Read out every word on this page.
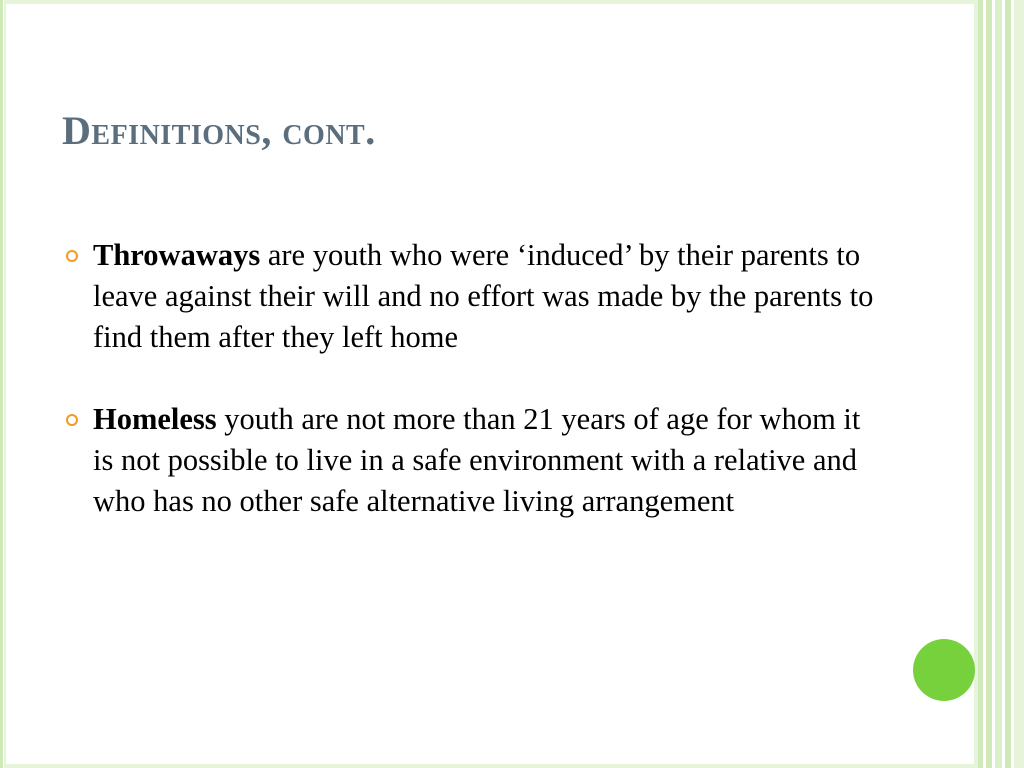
Definitions, cont.
Throwaways are youth who were ‘induced’ by their parents to leave against their will and no effort was made by the parents to find them after they left home
Homeless youth are not more than 21 years of age for whom it is not possible to live in a safe environment with a relative and who has no other safe alternative living arrangement
